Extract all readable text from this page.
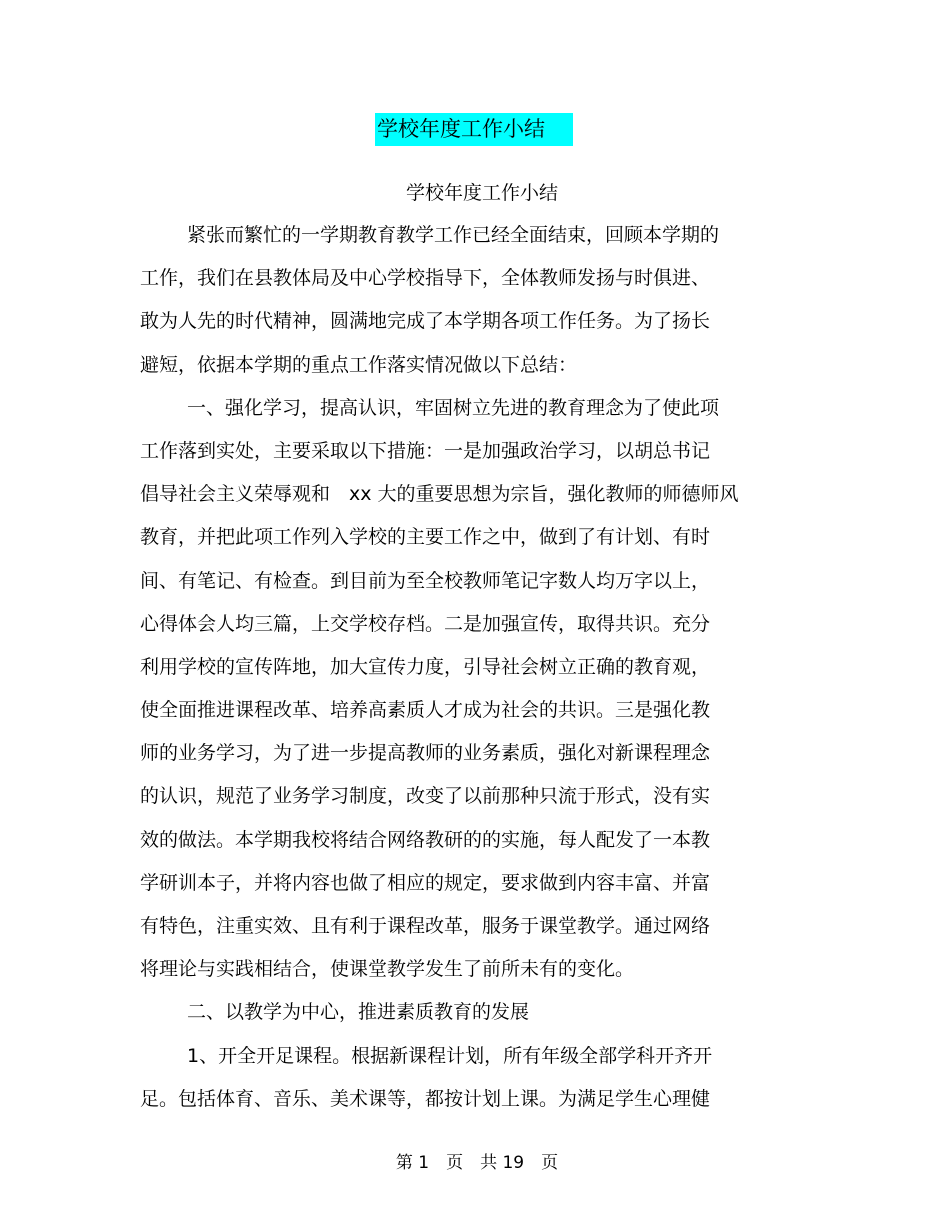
学校年度工作小结
学校年度工作小结
紧张而繁忙的一学期教育教学工作已经全面结束，回顾本学期的
工作，我们在县教体局及中心学校指导下，全体教师发扬与时俱进、
敢为人先的时代精神，圆满地完成了本学期各项工作任务。为了扬长
避短，依据本学期的重点工作落实情况做以下总结：
一、强化学习，提高认识，牢固树立先进的教育理念为了使此项
工作落到实处，主要采取以下措施：一是加强政治学习，以胡总书记
倡导社会主义荣辱观和　xx 大的重要思想为宗旨，强化教师的师德师风
教育，并把此项工作列入学校的主要工作之中，做到了有计划、有时
间、有笔记、有检查。到目前为至全校教师笔记字数人均万字以上，
心得体会人均三篇，上交学校存档。二是加强宣传，取得共识。充分
利用学校的宣传阵地，加大宣传力度，引导社会树立正确的教育观，
使全面推进课程改革、培养高素质人才成为社会的共识。三是强化教
师的业务学习，为了进一步提高教师的业务素质，强化对新课程理念
的认识，规范了业务学习制度，改变了以前那种只流于形式，没有实
效的做法。本学期我校将结合网络教研的的实施，每人配发了一本教
学研训本子，并将内容也做了相应的规定，要求做到内容丰富、并富
有特色，注重实效、且有利于课程改革，服务于课堂教学。通过网络
将理论与实践相结合，使课堂教学发生了前所未有的变化。
二、以教学为中心，推进素质教育的发展
1、开全开足课程。根据新课程计划，所有年级全部学科开齐开
足。包括体育、音乐、美术课等，都按计划上课。为满足学生心理健
第 1　页　共 19　页
